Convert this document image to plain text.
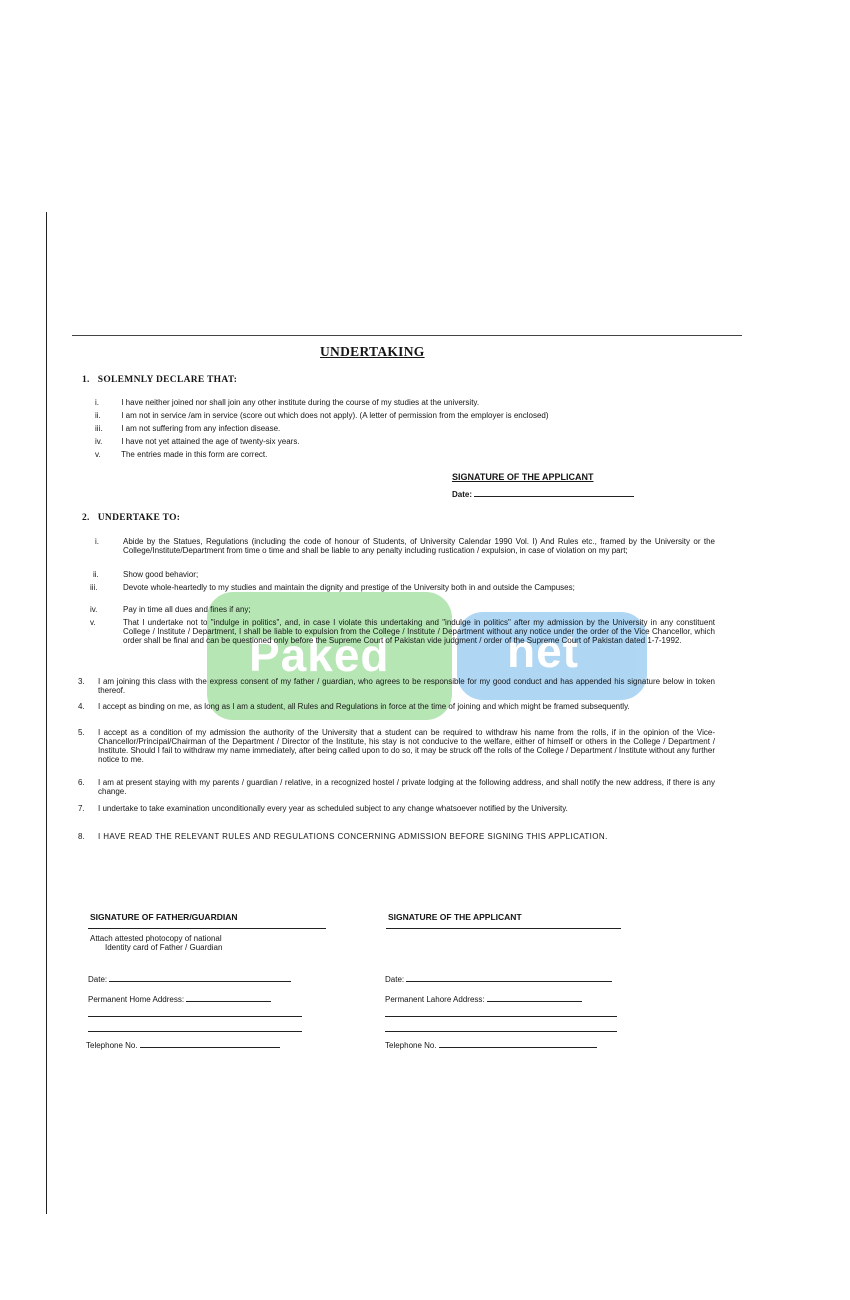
Paked	net
UNDERTAKING
1. SOLEMNLY DECLARE THAT:
i.	I have neither joined nor shall join any other institute during the course of my studies at the university.
ii.	I am not in service /am in service (score out which does not apply). (A letter of permission from the employer is enclosed)
iii. I am not suffering from any infection disease.
iv. I have not yet attained the age of twenty-six years.
v.	The entries made in this form are correct.
SIGNATURE OF THE APPLICANT
Date:
2. UNDERTAKE TO:
i.	Abide by the Statues, Regulations (including the code of honour of Students, of University Calendar 1990 Vol. I) And Rules etc., framed by the University or the College/Institute/Department from time o time and shall be liable to any penalty including rustication / expulsion, in case of violation on my part;
ii.	Show good behavior;
iii.	Devote whole-heartedly to my studies and maintain the dignity and prestige of the University both in and outside the Campuses;
iv.	Pay in time all dues and fines if any;
v.	That I undertake not to "indulge in politics", and, in case I violate this undertaking and "indulge in politics" after my admission by the University in any constituent College / Institute / Department, I shall be liable to expulsion from the College / Institute / Department without any notice under the order of the Vice Chancellor, which order shall be final and can be questioned only before the Supreme Court of Pakistan vide judgment / order of the Supreme Court of Pakistan dated 1-7-1992.
3. I am joining this class with the express consent of my father / guardian, who agrees to be responsible for my good conduct and has appended his signature below in token thereof.
4. I accept as binding on me, as long as I am a student, all Rules and Regulations in force at the time of joining and which might be framed subsequently.
5. I accept as a condition of my admission the authority of the University that a student can be required to withdraw his name from the rolls, if in the opinion of the Vice-Chancellor/Principal/Chairman of the Department / Director of the Institute, his stay is not conducive to the welfare, either of himself or others in the College / Department / Institute. Should I fail to withdraw my name immediately, after being called upon to do so, it may be struck off the rolls of the College / Department / Institute without any further notice to me.
6. I am at present staying with my parents / guardian / relative, in a recognized hostel / private lodging at the following address, and shall notify the new address, if there is any change.
7. I undertake to take examination unconditionally every year as scheduled subject to any change whatsoever notified by the University.
8. I HAVE READ THE RELEVANT RULES AND REGULATIONS CONCERNING ADMISSION BEFORE SIGNING THIS APPLICATION.
SIGNATURE OF FATHER/GUARDIAN
Attach attested photocopy of national
Identity card of Father / Guardian
Date:
Permanent Home Address:
Telephone No.
SIGNATURE OF THE APPLICANT
Date:
Permanent Lahore Address:
Telephone No.
